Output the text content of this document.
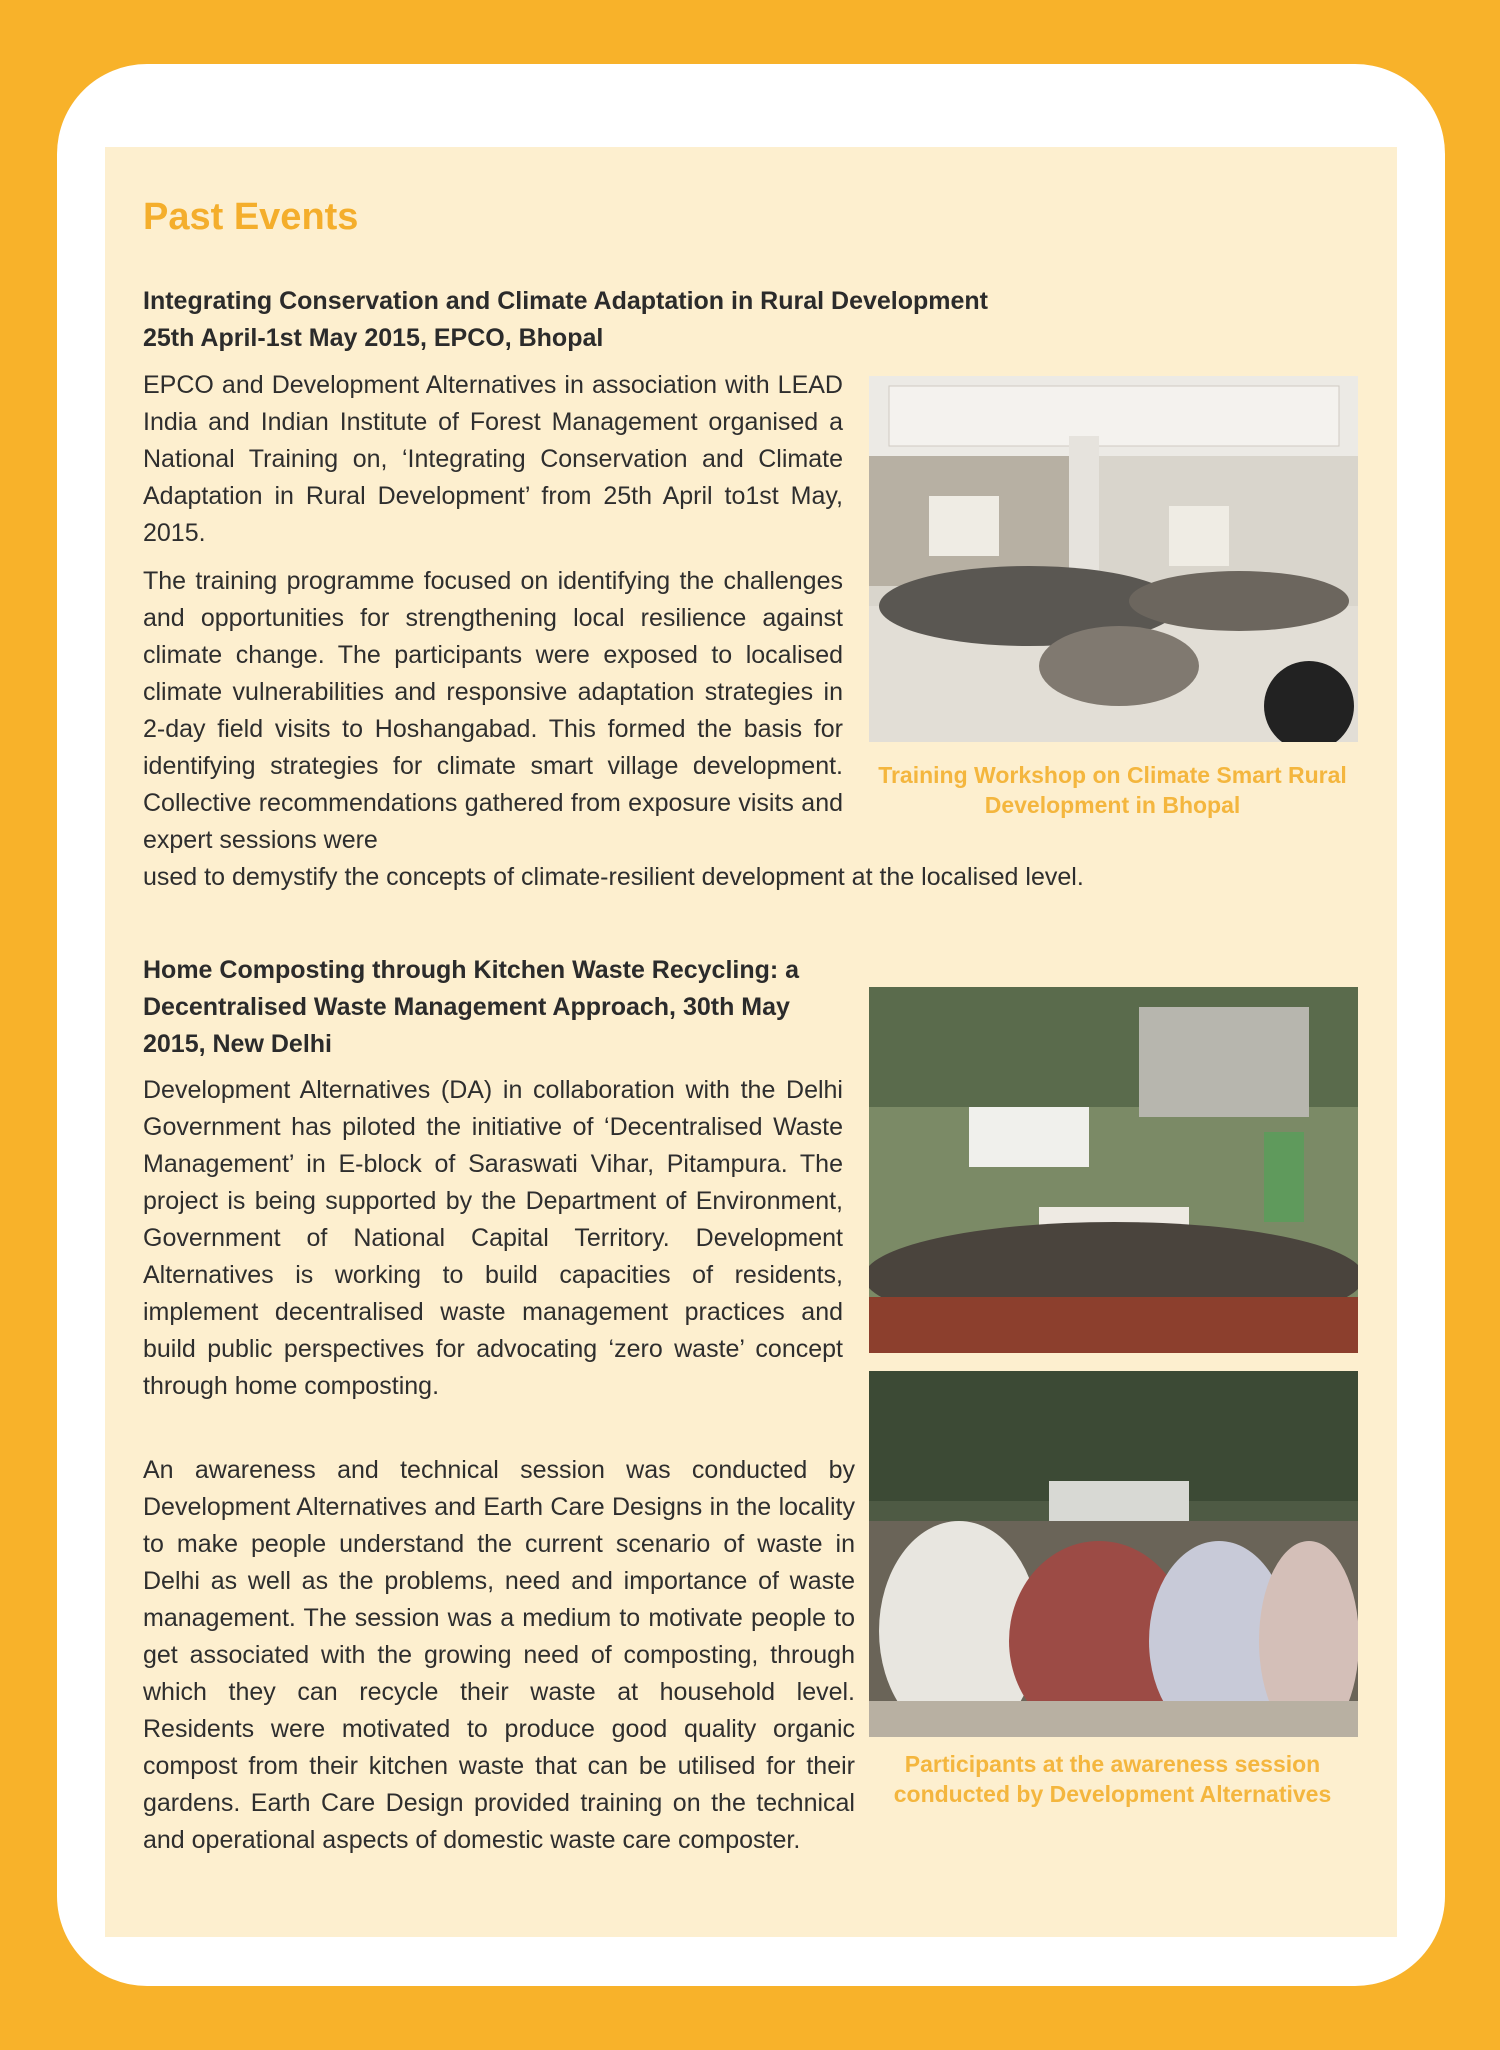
Past Events
Integrating Conservation and Climate Adaptation in Rural Development
25th April-1st May 2015, EPCO, Bhopal

EPCO and Development Alternatives in association with LEAD India and Indian Institute of Forest Management organised a National Training on, ‘Integrating Conservation and Climate Adaptation in Rural Development’ from 25th April to1st May, 2015.

The training programme focused on identifying the challenges and opportunities for strengthening local resilience against climate change. The participants were exposed to localised climate vulnerabilities and responsive adaptation strategies in 2-day field visits to Hoshangabad. This formed the basis for identifying strategies for climate smart village development. Collective recommendations gathered from exposure visits and expert sessions were

used to demystify the concepts of climate-resilient development at the localised level.

Training Workshop on Climate Smart Rural Development in Bhopal
Home Composting through Kitchen Waste Recycling: a Decentralised Waste Management Approach, 30th May 2015, New Delhi

Development Alternatives (DA) in collaboration with the Delhi Government has piloted the initiative of ‘Decentralised Waste Management’ in E-block of Saraswati Vihar, Pitampura. The project is being supported by the Department of Environment, Government of National Capital Territory. Development Alternatives is working to build capacities of residents, implement decentralised waste management practices and build public perspectives for advocating ‘zero waste’ concept through home composting.

An awareness and technical session was conducted by Development Alternatives and Earth Care Designs in the locality to make people understand the current scenario of waste in Delhi as well as the problems, need and importance of waste management. The session was a medium to motivate people to get associated with the growing need of composting, through which they can recycle their waste at household level. Residents were motivated to produce good quality organic compost from their kitchen waste that can be utilised for their gardens. Earth Care Design provided training on the technical and operational aspects of domestic waste care composter.

Participants at the awareness session conducted by Development Alternatives
